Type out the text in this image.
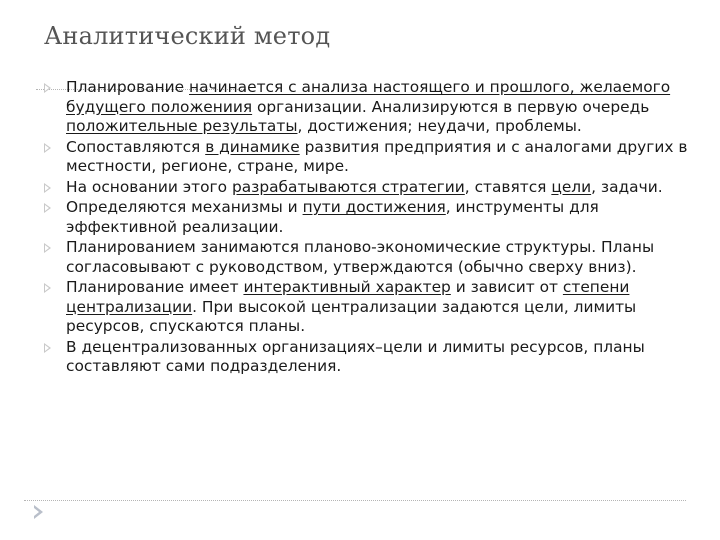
Аналитический метод
Планирование начинается с анализа настоящего и прошлого, желаемого будущего положениия организации. Анализируются в первую очередь положительные результаты, достижения; неудачи, проблемы.
Сопоставляются в динамике развития предприятия и с аналогами других в местности, регионе, стране, мире.
На основании этого разрабатываются стратегии, ставятся цели, задачи.
Определяются механизмы и пути достижения, инструменты для эффективной реализации.
Планированием занимаются планово-экономические структуры. Планы согласовывают с руководством, утверждаются (обычно сверху вниз).
Планирование имеет интерактивный характер и зависит от степени централизации. При высокой централизации задаются цели, лимиты ресурсов, спускаются планы.
В децентрализованных организациях–цели и лимиты ресурсов, планы составляют сами подразделения.
